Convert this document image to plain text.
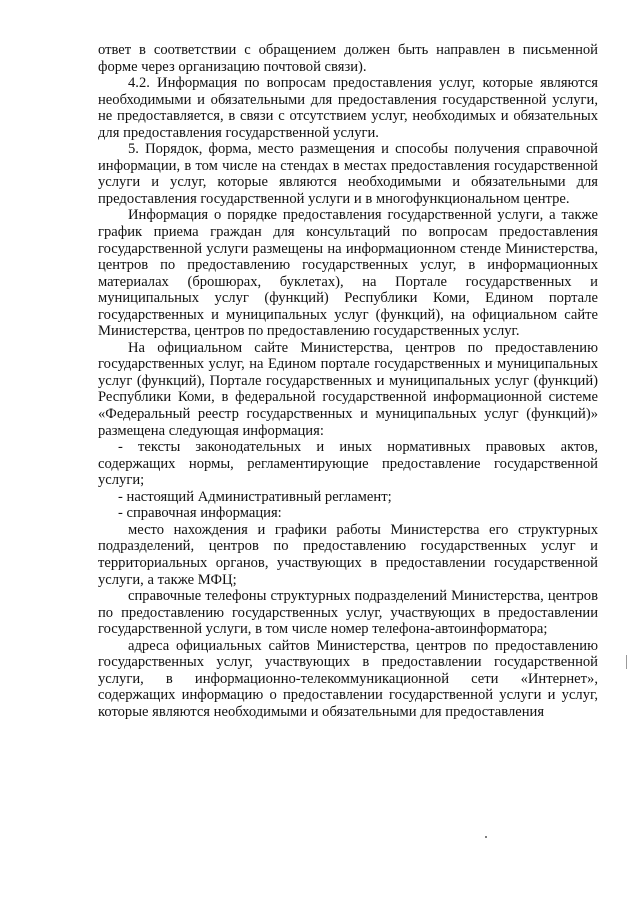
ответ в соответствии с обращением должен быть направлен в письменной форме через организацию почтовой связи).

4.2. Информация по вопросам предоставления услуг, которые являются необходимыми и обязательными для предоставления государственной услуги, не предоставляется, в связи с отсутствием услуг, необходимых и обязательных для предоставления государственной услуги.

5. Порядок, форма, место размещения и способы получения справочной информации, в том числе на стендах в местах предоставления государственной услуги и услуг, которые являются необходимыми и обязательными для предоставления государственной услуги и в многофункциональном центре.

Информация о порядке предоставления государственной услуги, а также график приема граждан для консультаций по вопросам предоставления государственной услуги размещены на информационном стенде Министерства, центров по предоставлению государственных услуг, в информационных материалах (брошюрах, буклетах), на Портале государственных и муниципальных услуг (функций) Республики Коми, Едином портале государственных и муниципальных услуг (функций), на официальном сайте Министерства, центров по предоставлению государственных услуг.

На официальном сайте Министерства, центров по предоставлению государственных услуг, на Едином портале государственных и муниципальных услуг (функций), Портале государственных и муниципальных услуг (функций) Республики Коми, в федеральной государственной информационной системе «Федеральный реестр государственных и муниципальных услуг (функций)» размещена следующая информация:

- тексты законодательных и иных нормативных правовых актов, содержащих нормы, регламентирующие предоставление государственной услуги;

- настоящий Административный регламент;

- справочная информация:

место нахождения и графики работы Министерства его структурных подразделений, центров по предоставлению государственных услуг и территориальных органов, участвующих в предоставлении государственной услуги, а также МФЦ;

справочные телефоны структурных подразделений Министерства, центров по предоставлению государственных услуг, участвующих в предоставлении государственной услуги, в том числе номер телефона-автоинформатора;

адреса официальных сайтов Министерства, центров по предоставлению государственных услуг, участвующих в предоставлении государственной услуги, в информационно-телекоммуникационной сети «Интернет», содержащих информацию о предоставлении государственной услуги и услуг, которые являются необходимыми и обязательными для предоставления
